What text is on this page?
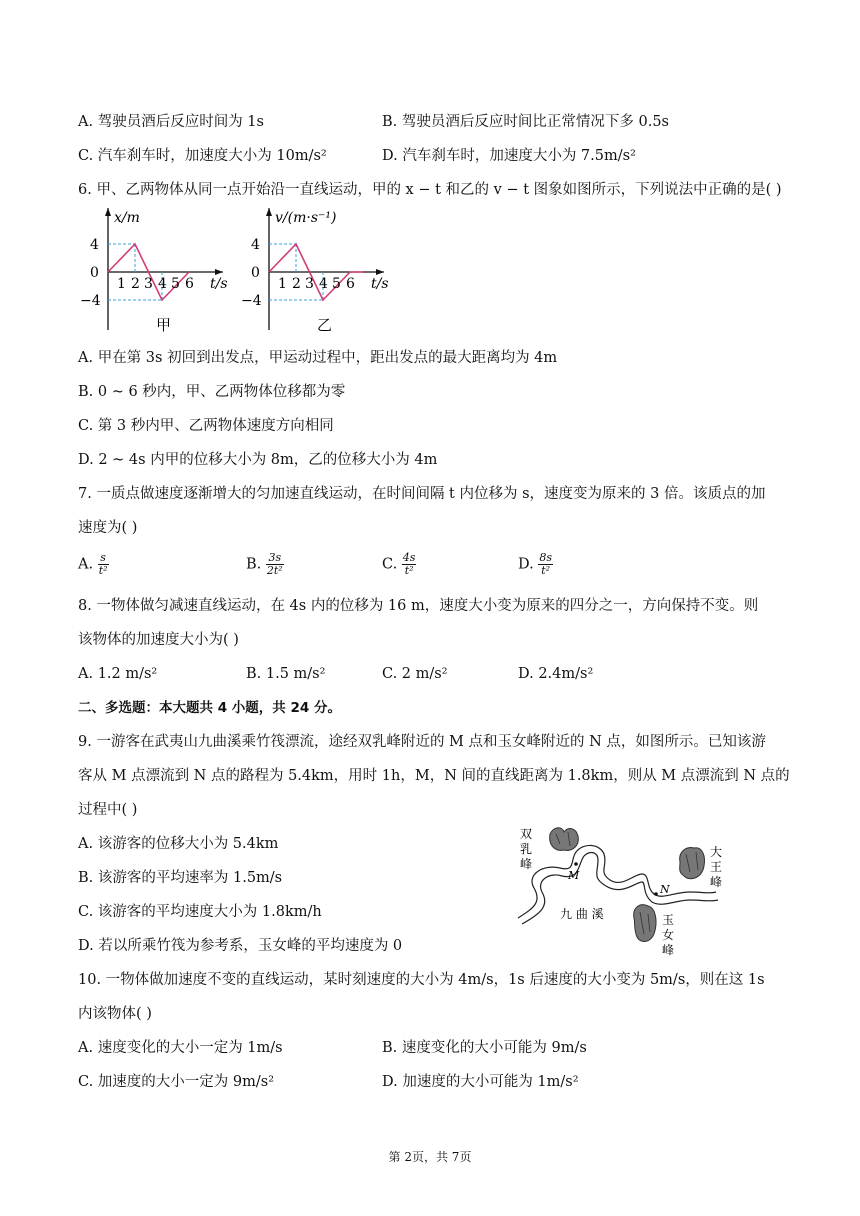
A. 驾驶员酒后反应时间为 1s	B. 驾驶员酒后反应时间比正常情况下多 0.5s
C. 汽车刹车时，加速度大小为 10m/s²	D. 汽车刹车时，加速度大小为 7.5m/s²
6. 甲、乙两物体从同一点开始沿一直线运动，甲的 x − t 和乙的 v − t 图象如图所示，下列说法中正确的是( )
x/m
4
0
−4
1 2 3 4 5 6 t/s
甲
v/(m·s⁻¹)
4
0
−4
1 2 3 4 5 6 t/s
乙
A. 甲在第 3s 初回到出发点，甲运动过程中，距出发点的最大距离均为 4m
B. 0 ~ 6 秒内，甲、乙两物体位移都为零
C. 第 3 秒内甲、乙两物体速度方向相同
D. 2 ~ 4s 内甲的位移大小为 8m，乙的位移大小为 4m
7. 一质点做速度逐渐增大的匀加速直线运动，在时间间隔 t 内位移为 s，速度变为原来的 3 倍。该质点的加
速度为( )
A. $\frac{s}{\text{t²}}$	B. $\frac{3s}{\text{2t²}}$	C. $\frac{4s}{\text{t²}}$	D. $\frac{8s}{\text{t²}}$
8. 一物体做匀减速直线运动，在 4s 内的位移为 16 m，速度大小变为原来的四分之一，方向保持不变。则
该物体的加速度大小为( )
A. 1.2 m/s²	B. 1.5 m/s²	C. 2 m/s²	D. 2.4m/s²
二、多选题：本大题共 4 小题，共 24 分。
9. 一游客在武夷山九曲溪乘竹筏漂流，途经双乳峰附近的 M 点和玉女峰附近的 N 点，如图所示。已知该游
客从 M 点漂流到 N 点的路程为 5.4km，用时 1h，M，N 间的直线距离为 1.8km，则从 M 点漂流到 N 点的
过程中( )
A. 该游客的位移大小为 5.4km
B. 该游客的平均速率为 1.5m/s
C. 该游客的平均速度大小为 1.8km/h
D. 若以所乘竹筏为参考系，玉女峰的平均速度为 0
M
N
双
乳
峰
大
王
峰
玉
女
峰
九 曲 溪
10. 一物体做加速度不变的直线运动，某时刻速度的大小为 4m/s，1s 后速度的大小变为 5m/s，则在这 1s
内该物体( )
A. 速度变化的大小一定为 1m/s	B. 速度变化的大小可能为 9m/s
C. 加速度的大小一定为 9m/s²	D. 加速度的大小可能为 1m/s²
第 2页，共 7页
